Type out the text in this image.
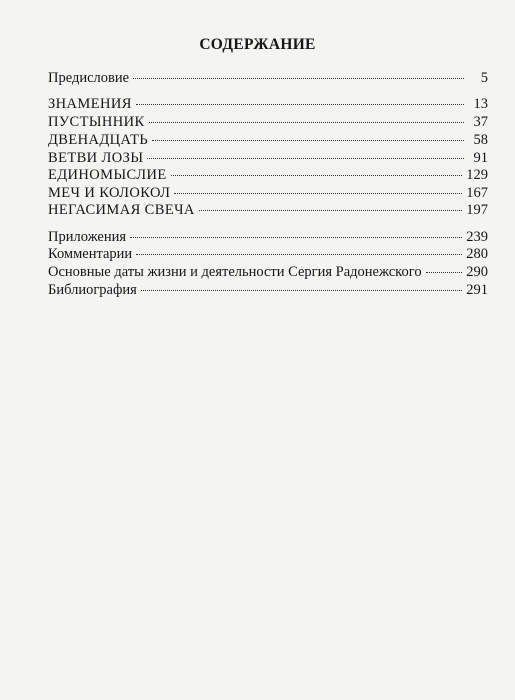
СОДЕРЖАНИЕ
Предисловие	5
ЗНАМЕНИЯ	13
ПУСТЫННИК	37
ДВЕНАДЦАТЬ	58
ВЕТВИ ЛОЗЫ	91
ЕДИНОМЫСЛИЕ	129
МЕЧ И КОЛОКОЛ	167
НЕГАСИМАЯ СВЕЧА	197
Приложения	239
Комментарии	280
Основные даты жизни и деятельности Сергия Радонежского	290
Библиография	291
